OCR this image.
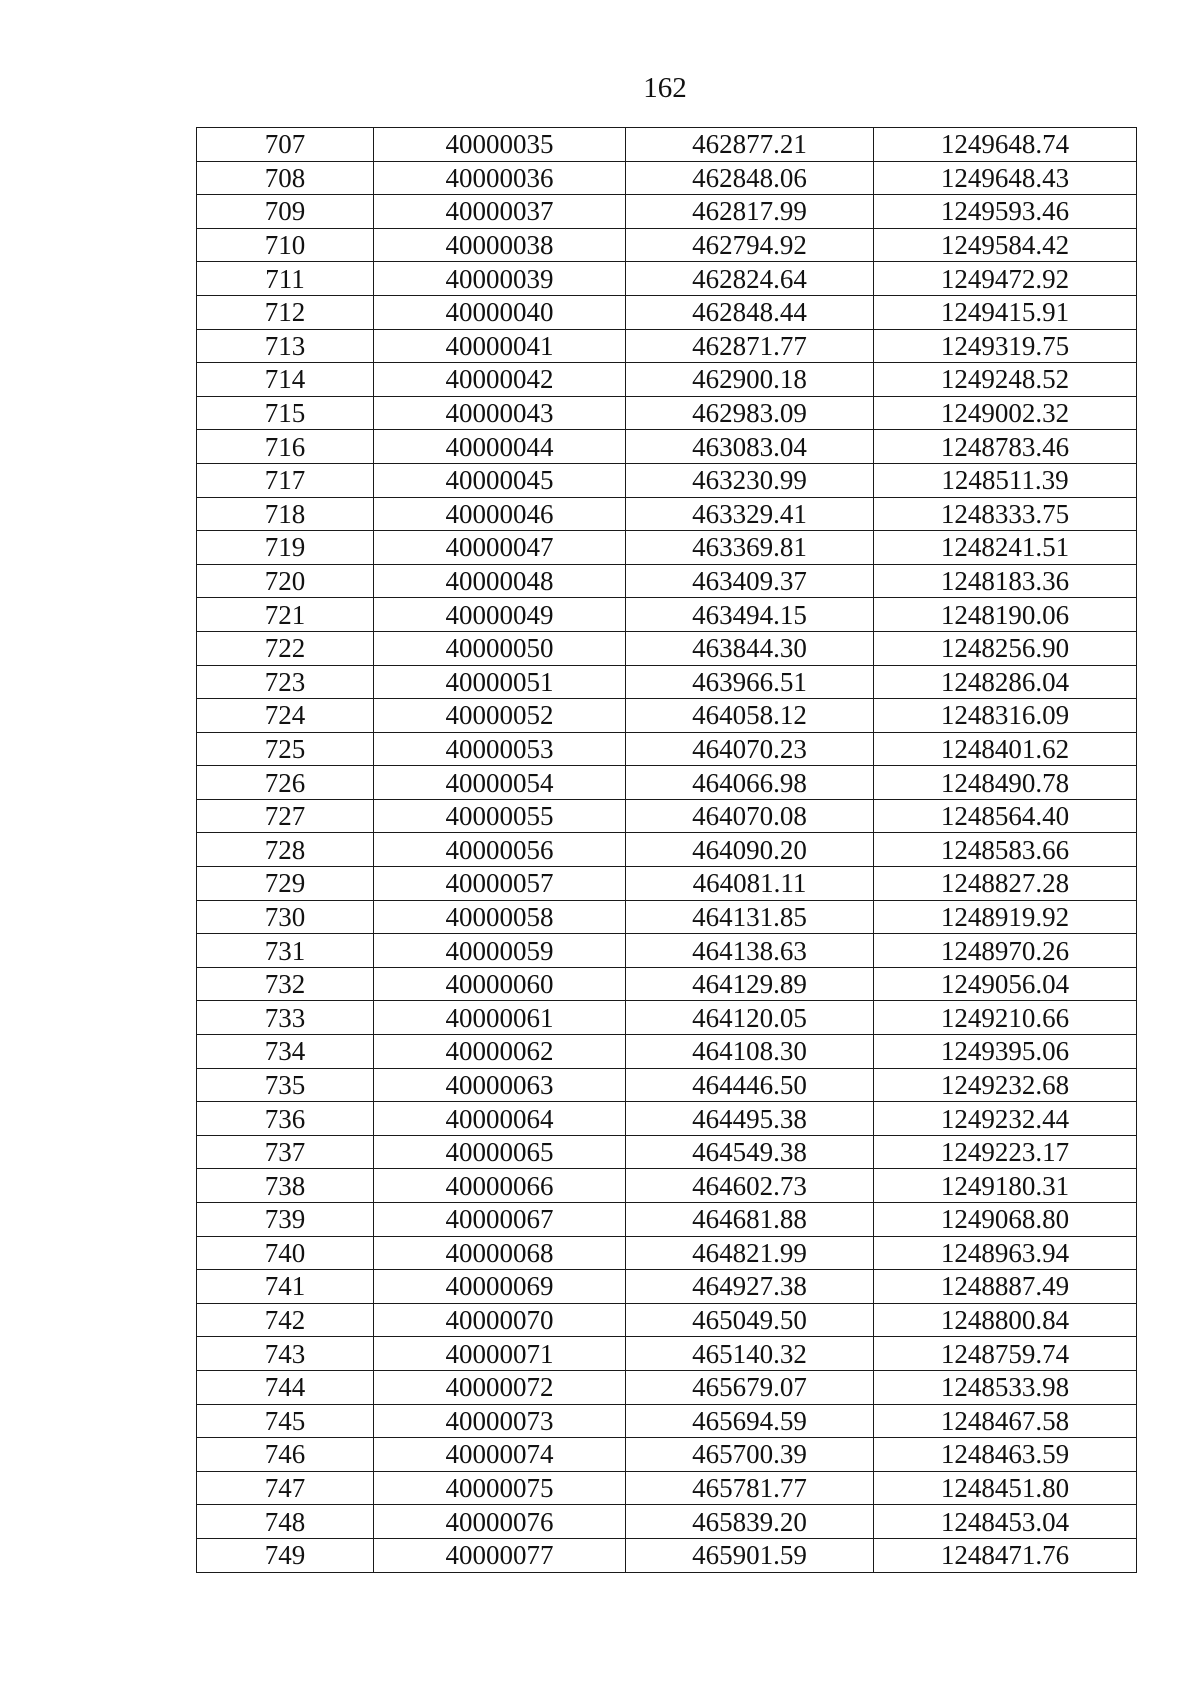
162
707	40000035	462877.21	1249648.74
708	40000036	462848.06	1249648.43
709	40000037	462817.99	1249593.46
710	40000038	462794.92	1249584.42
711	40000039	462824.64	1249472.92
712	40000040	462848.44	1249415.91
713	40000041	462871.77	1249319.75
714	40000042	462900.18	1249248.52
715	40000043	462983.09	1249002.32
716	40000044	463083.04	1248783.46
717	40000045	463230.99	1248511.39
718	40000046	463329.41	1248333.75
719	40000047	463369.81	1248241.51
720	40000048	463409.37	1248183.36
721	40000049	463494.15	1248190.06
722	40000050	463844.30	1248256.90
723	40000051	463966.51	1248286.04
724	40000052	464058.12	1248316.09
725	40000053	464070.23	1248401.62
726	40000054	464066.98	1248490.78
727	40000055	464070.08	1248564.40
728	40000056	464090.20	1248583.66
729	40000057	464081.11	1248827.28
730	40000058	464131.85	1248919.92
731	40000059	464138.63	1248970.26
732	40000060	464129.89	1249056.04
733	40000061	464120.05	1249210.66
734	40000062	464108.30	1249395.06
735	40000063	464446.50	1249232.68
736	40000064	464495.38	1249232.44
737	40000065	464549.38	1249223.17
738	40000066	464602.73	1249180.31
739	40000067	464681.88	1249068.80
740	40000068	464821.99	1248963.94
741	40000069	464927.38	1248887.49
742	40000070	465049.50	1248800.84
743	40000071	465140.32	1248759.74
744	40000072	465679.07	1248533.98
745	40000073	465694.59	1248467.58
746	40000074	465700.39	1248463.59
747	40000075	465781.77	1248451.80
748	40000076	465839.20	1248453.04
749	40000077	465901.59	1248471.76
